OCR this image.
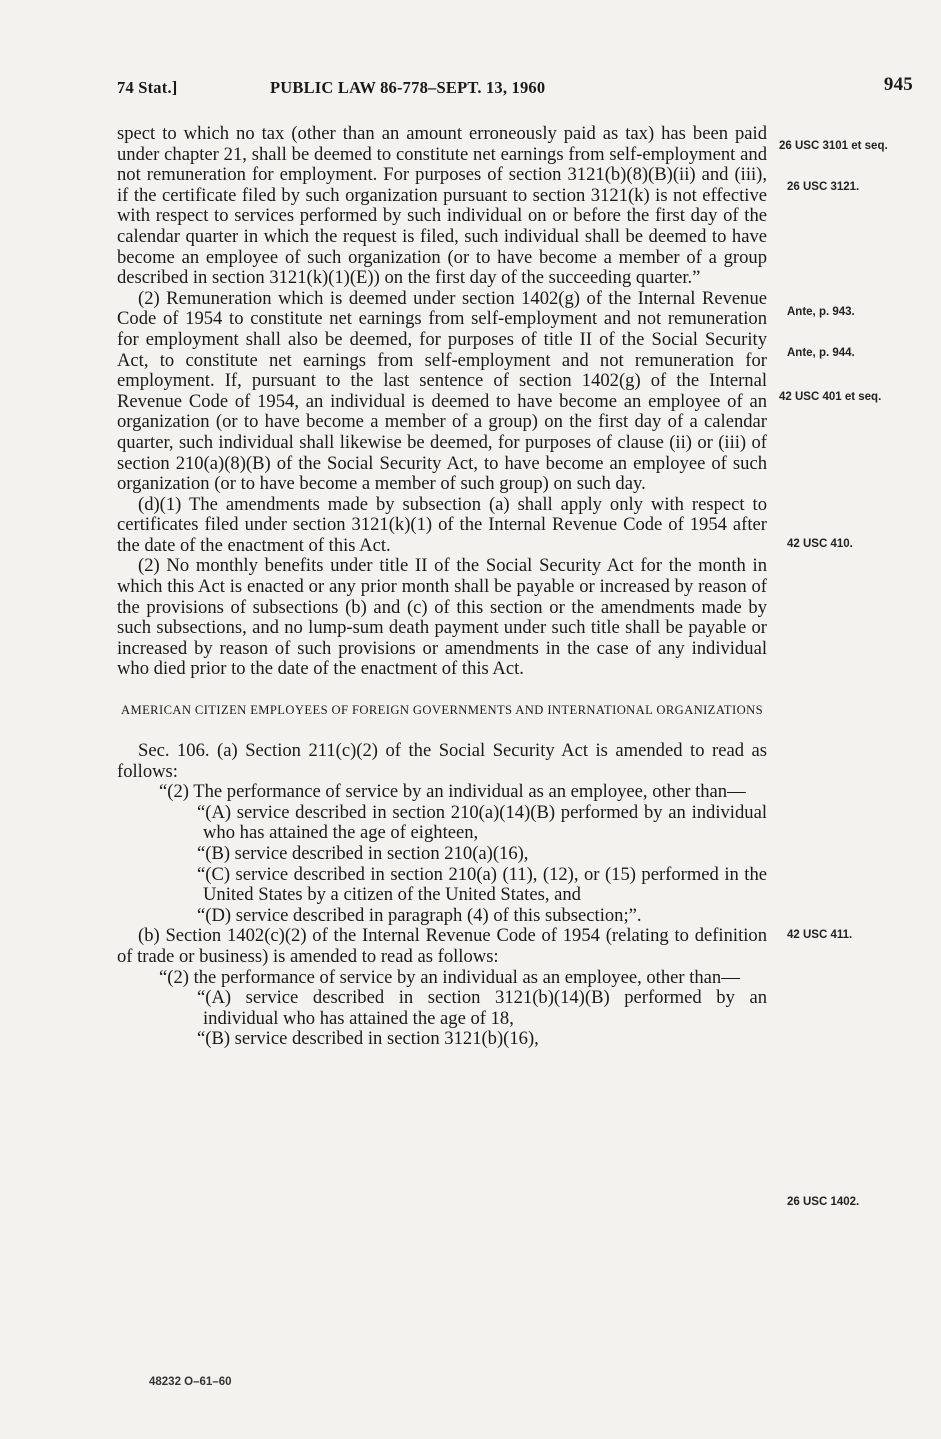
74 Stat.]	PUBLIC LAW 86-778–SEPT. 13, 1960	945

spect to which no tax (other than an amount erroneously paid as tax) has been paid under chapter 21, shall be deemed to constitute net earnings from self-employment and not remuneration for employment. For purposes of section 3121(b)(8)(B)(ii) and (iii), if the certificate filed by such organization pursuant to section 3121(k) is not effective with respect to services performed by such individual on or before the first day of the calendar quarter in which the request is filed, such individual shall be deemed to have become an employee of such organization (or to have become a member of a group described in section 3121(k)(1)(E)) on the first day of the succeeding quarter.”

(2) Remuneration which is deemed under section 1402(g) of the Internal Revenue Code of 1954 to constitute net earnings from self-employment and not remuneration for employment shall also be deemed, for purposes of title II of the Social Security Act, to constitute net earnings from self-employment and not remuneration for employment. If, pursuant to the last sentence of section 1402(g) of the Internal Revenue Code of 1954, an individual is deemed to have become an employee of an organization (or to have become a member of a group) on the first day of a calendar quarter, such individual shall likewise be deemed, for purposes of clause (ii) or (iii) of section 210(a)(8)(B) of the Social Security Act, to have become an employee of such organization (or to have become a member of such group) on such day.

(d)(1) The amendments made by subsection (a) shall apply only with respect to certificates filed under section 3121(k)(1) of the Internal Revenue Code of 1954 after the date of the enactment of this Act.

(2) No monthly benefits under title II of the Social Security Act for the month in which this Act is enacted or any prior month shall be payable or increased by reason of the provisions of subsections (b) and (c) of this section or the amendments made by such subsections, and no lump-sum death payment under such title shall be payable or increased by reason of such provisions or amendments in the case of any individual who died prior to the date of the enactment of this Act.

AMERICAN CITIZEN EMPLOYEES OF FOREIGN GOVERNMENTS AND INTERNATIONAL ORGANIZATIONS

Sec. 106. (a) Section 211(c)(2) of the Social Security Act is amended to read as follows:

“(2) The performance of service by an individual as an employee, other than—

“(A) service described in section 210(a)(14)(B) performed by an individual who has attained the age of eighteen,

“(B) service described in section 210(a)(16),

“(C) service described in section 210(a) (11), (12), or (15) performed in the United States by a citizen of the United States, and

“(D) service described in paragraph (4) of this subsection;”.

(b) Section 1402(c)(2) of the Internal Revenue Code of 1954 (relating to definition of trade or business) is amended to read as follows:

“(2) the performance of service by an individual as an employee, other than—

“(A) service described in section 3121(b)(14)(B) performed by an individual who has attained the age of 18,

“(B) service described in section 3121(b)(16),

26 USC 3101 et seq.
26 USC 3121.
Ante, p. 943.
Ante, p. 944.
42 USC 401 et seq.
42 USC 410.
42 USC 411.
26 USC 1402.
48232 O–61–60
